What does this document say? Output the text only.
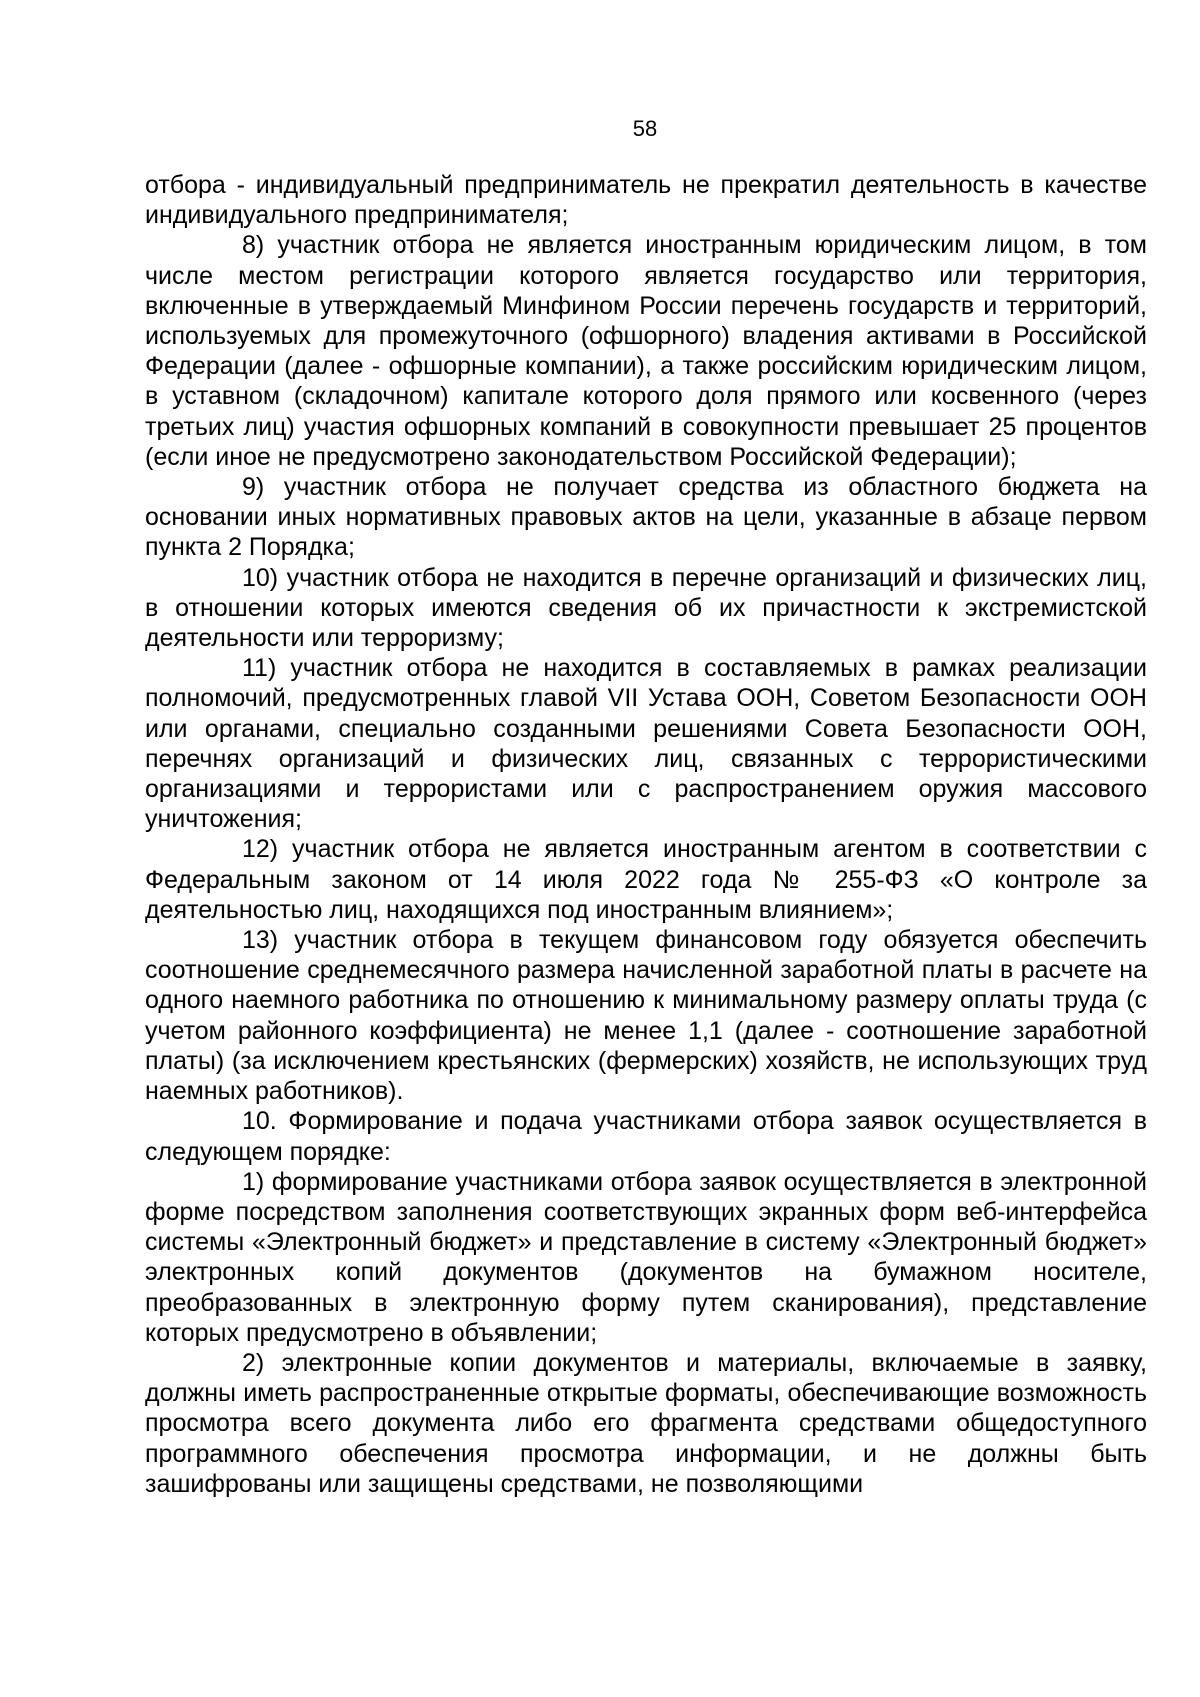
58

отбора - индивидуальный предприниматель не прекратил деятельность в качестве индивидуального предпринимателя;

8) участник отбора не является иностранным юридическим лицом, в том числе местом регистрации которого является государство или территория, включенные в утверждаемый Минфином России перечень государств и территорий, используемых для промежуточного (офшорного) владения активами в Российской Федерации (далее - офшорные компании), а также российским юридическим лицом, в уставном (складочном) капитале которого доля прямого или косвенного (через третьих лиц) участия офшорных компаний в совокупности превышает 25 процентов (если иное не предусмотрено законодательством Российской Федерации);

9) участник отбора не получает средства из областного бюджета на основании иных нормативных правовых актов на цели, указанные в абзаце первом пункта 2 Порядка;

10) участник отбора не находится в перечне организаций и физических лиц, в отношении которых имеются сведения об их причастности к экстремистской деятельности или терроризму;

11) участник отбора не находится в составляемых в рамках реализации полномочий, предусмотренных главой VII Устава ООН, Советом Безопасности ООН или органами, специально созданными решениями Совета Безопасности ООН, перечнях организаций и физических лиц, связанных с террористическими организациями и террористами или с распространением оружия массового уничтожения;

12) участник отбора не является иностранным агентом в соответствии с Федеральным законом от 14 июля 2022 года № 255-ФЗ «О контроле за деятельностью лиц, находящихся под иностранным влиянием»;

13) участник отбора в текущем финансовом году обязуется обеспечить соотношение среднемесячного размера начисленной заработной платы в расчете на одного наемного работника по отношению к минимальному размеру оплаты труда (с учетом районного коэффициента) не менее 1,1 (далее - соотношение заработной платы) (за исключением крестьянских (фермерских) хозяйств, не использующих труд наемных работников).

10. Формирование и подача участниками отбора заявок осуществляется в следующем порядке:

1) формирование участниками отбора заявок осуществляется в электронной форме посредством заполнения соответствующих экранных форм веб-интерфейса системы «Электронный бюджет» и представление в систему «Электронный бюджет» электронных копий документов (документов на бумажном носителе, преобразованных в электронную форму путем сканирования), представление которых предусмотрено в объявлении;

2) электронные копии документов и материалы, включаемые в заявку, должны иметь распространенные открытые форматы, обеспечивающие возможность просмотра всего документа либо его фрагмента средствами общедоступного программного обеспечения просмотра информации, и не должны быть зашифрованы или защищены средствами, не позволяющими
